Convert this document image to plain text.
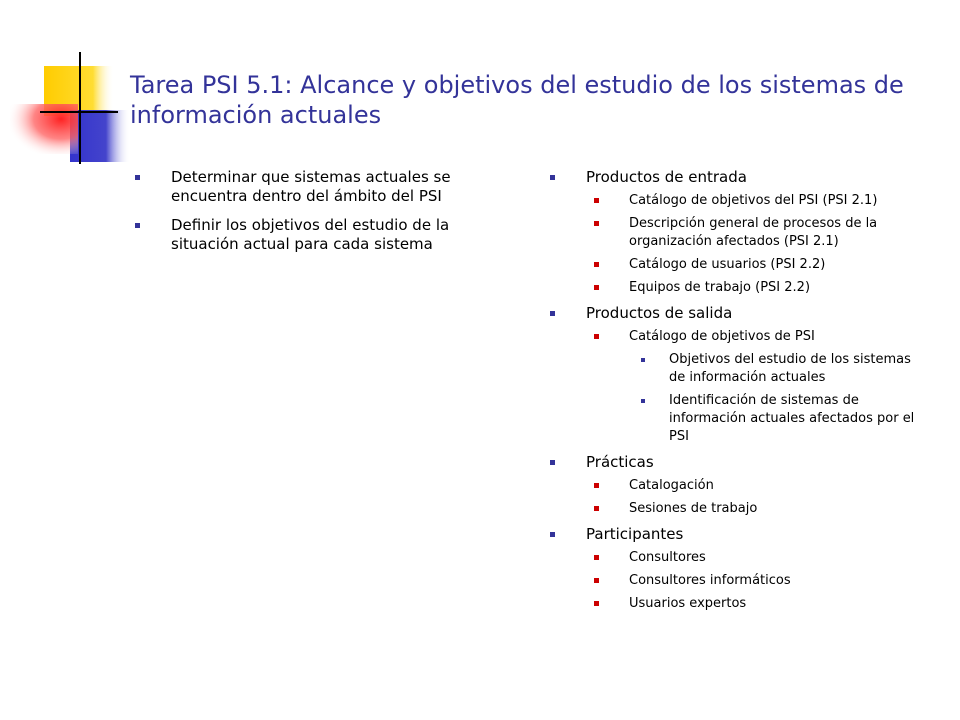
Tarea PSI 5.1: Alcance y objetivos del estudio de los sistemas de información actuales
Determinar que sistemas actuales se encuentra dentro del ámbito del PSI
Definir los objetivos del estudio de la situación actual para cada sistema
Productos de entrada
Catálogo de objetivos del PSI (PSI 2.1)
Descripción general de procesos de la organización afectados (PSI 2.1)
Catálogo de usuarios (PSI 2.2)
Equipos de trabajo (PSI 2.2)
Productos de salida
Catálogo de objetivos de PSI
Objetivos del estudio de los sistemas de información actuales
Identificación de sistemas de información actuales afectados por el PSI
Prácticas
Catalogación
Sesiones de trabajo
Participantes
Consultores
Consultores informáticos
Usuarios expertos
